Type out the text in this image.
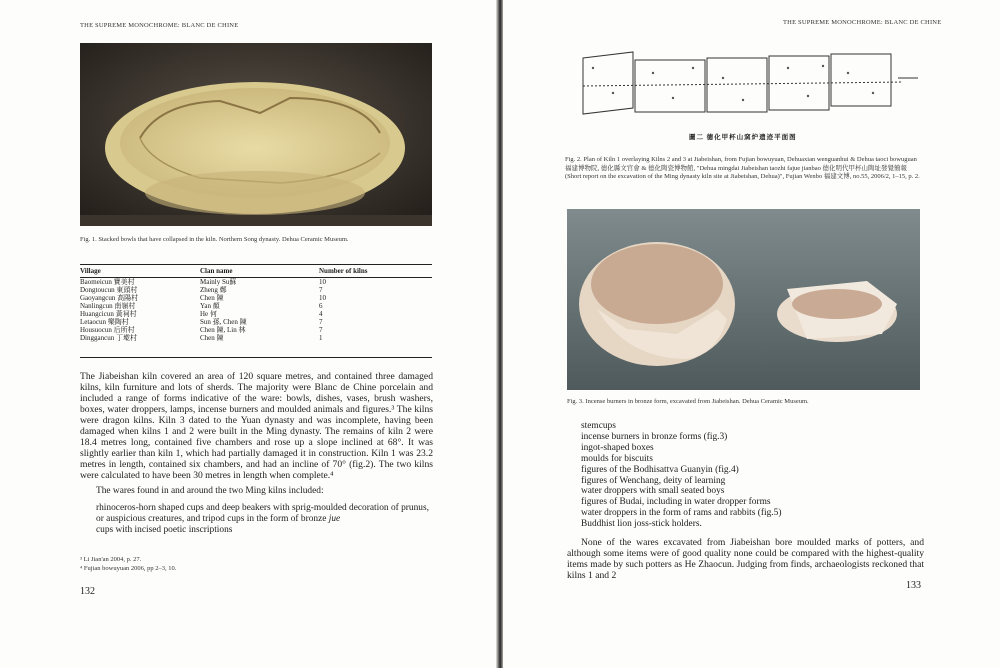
THE SUPREME MONOCHROME: BLANC DE CHINE
Fig. 1. Stacked bowls that have collapsed in the kiln. Northern Song dynasty. Dehua Ceramic Museum.
Village	Clan name	Number of kilns
Baomeicun 寶美村	Mainly Su蘇	10
Dongtoucun 東頭村	Zheng 鄭	7
Gaoyangcun 高陽村	Chen 陳	10
Nanlingcun 南嶺村	Yan 顏	6
Huangcicun 黃祠村	He 何	4
Letaocun 樂陶村	Sun 孫, Chen 陳	7
Housuocun 后所村	Chen 陳, Lin 林	7
Dinggancun 丁墘村	Chen 陳	1

The Jiabeishan kiln covered an area of 120 square metres, and contained three damaged kilns, kiln furniture and lots of sherds. The majority were Blanc de Chine porcelain and included a range of forms indicative of the ware: bowls, dishes, vases, brush washers, boxes, water droppers, lamps, incense burners and moulded animals and figures.³ The kilns were dragon kilns. Kiln 3 dated to the Yuan dynasty and was incomplete, having been damaged when kilns 1 and 2 were built in the Ming dynasty. The remains of kiln 2 were 18.4 metres long, contained five chambers and rose up a slope inclined at 68°. It was slightly earlier than kiln 1, which had partially damaged it in construction. Kiln 1 was 23.2 metres in length, contained six chambers, and had an incline of 70° (fig.2). The two kilns were calculated to have been 30 metres in length when complete.⁴

The wares found in and around the two Ming kilns included:
rhinoceros-horn shaped cups and deep beakers with sprig-moulded decoration of prunus, or auspicious creatures, and tripod cups in the form of bronze jue
cups with incised poetic inscriptions
³ Li Jian'an 2004, p. 27.
⁴ Fujian bowuyuan 2006, pp 2–3, 10.
132
THE SUPREME MONOCHROME: BLANC DE CHINE
圖二 德化甲杯山窯炉遗迹平面图
Fig. 2. Plan of Kiln 1 overlaying Kilns 2 and 3 at Jiabeishan, from Fujian bowuyuan, Dehuaxian wenguanhui & Dehua taoci bowuguan 福建博物院, 德化縣文官會 & 德化陶瓷博物館, "Dehua mingdai Jiabeishan taozhi fajue jianbao 德化明代甲杯山陶址發覺簡報 (Short report on the excavation of the Ming dynasty kiln site at Jiabeishan, Dehua)", Fujian Wenbo 福建文博, no.55, 2006/2, 1–15, p. 2.
Fig. 3. Incense burners in bronze form, excavated from Jiabeishan. Dehua Ceramic Museum.
stemcups
incense burners in bronze forms (fig.3)
ingot-shaped boxes
moulds for biscuits
figures of the Bodhisattva Guanyin (fig.4)
figures of Wenchang, deity of learning
water droppers with small seated boys
figures of Budai, including in water dropper forms
water droppers in the form of rams and rabbits (fig.5)
Buddhist lion joss-stick holders.
None of the wares excavated from Jiabeishan bore moulded marks of potters, and although some items were of good quality none could be compared with the highest-quality items made by such potters as He Zhaocun. Judging from finds, archaeologists reckoned that kilns 1 and 2
133
